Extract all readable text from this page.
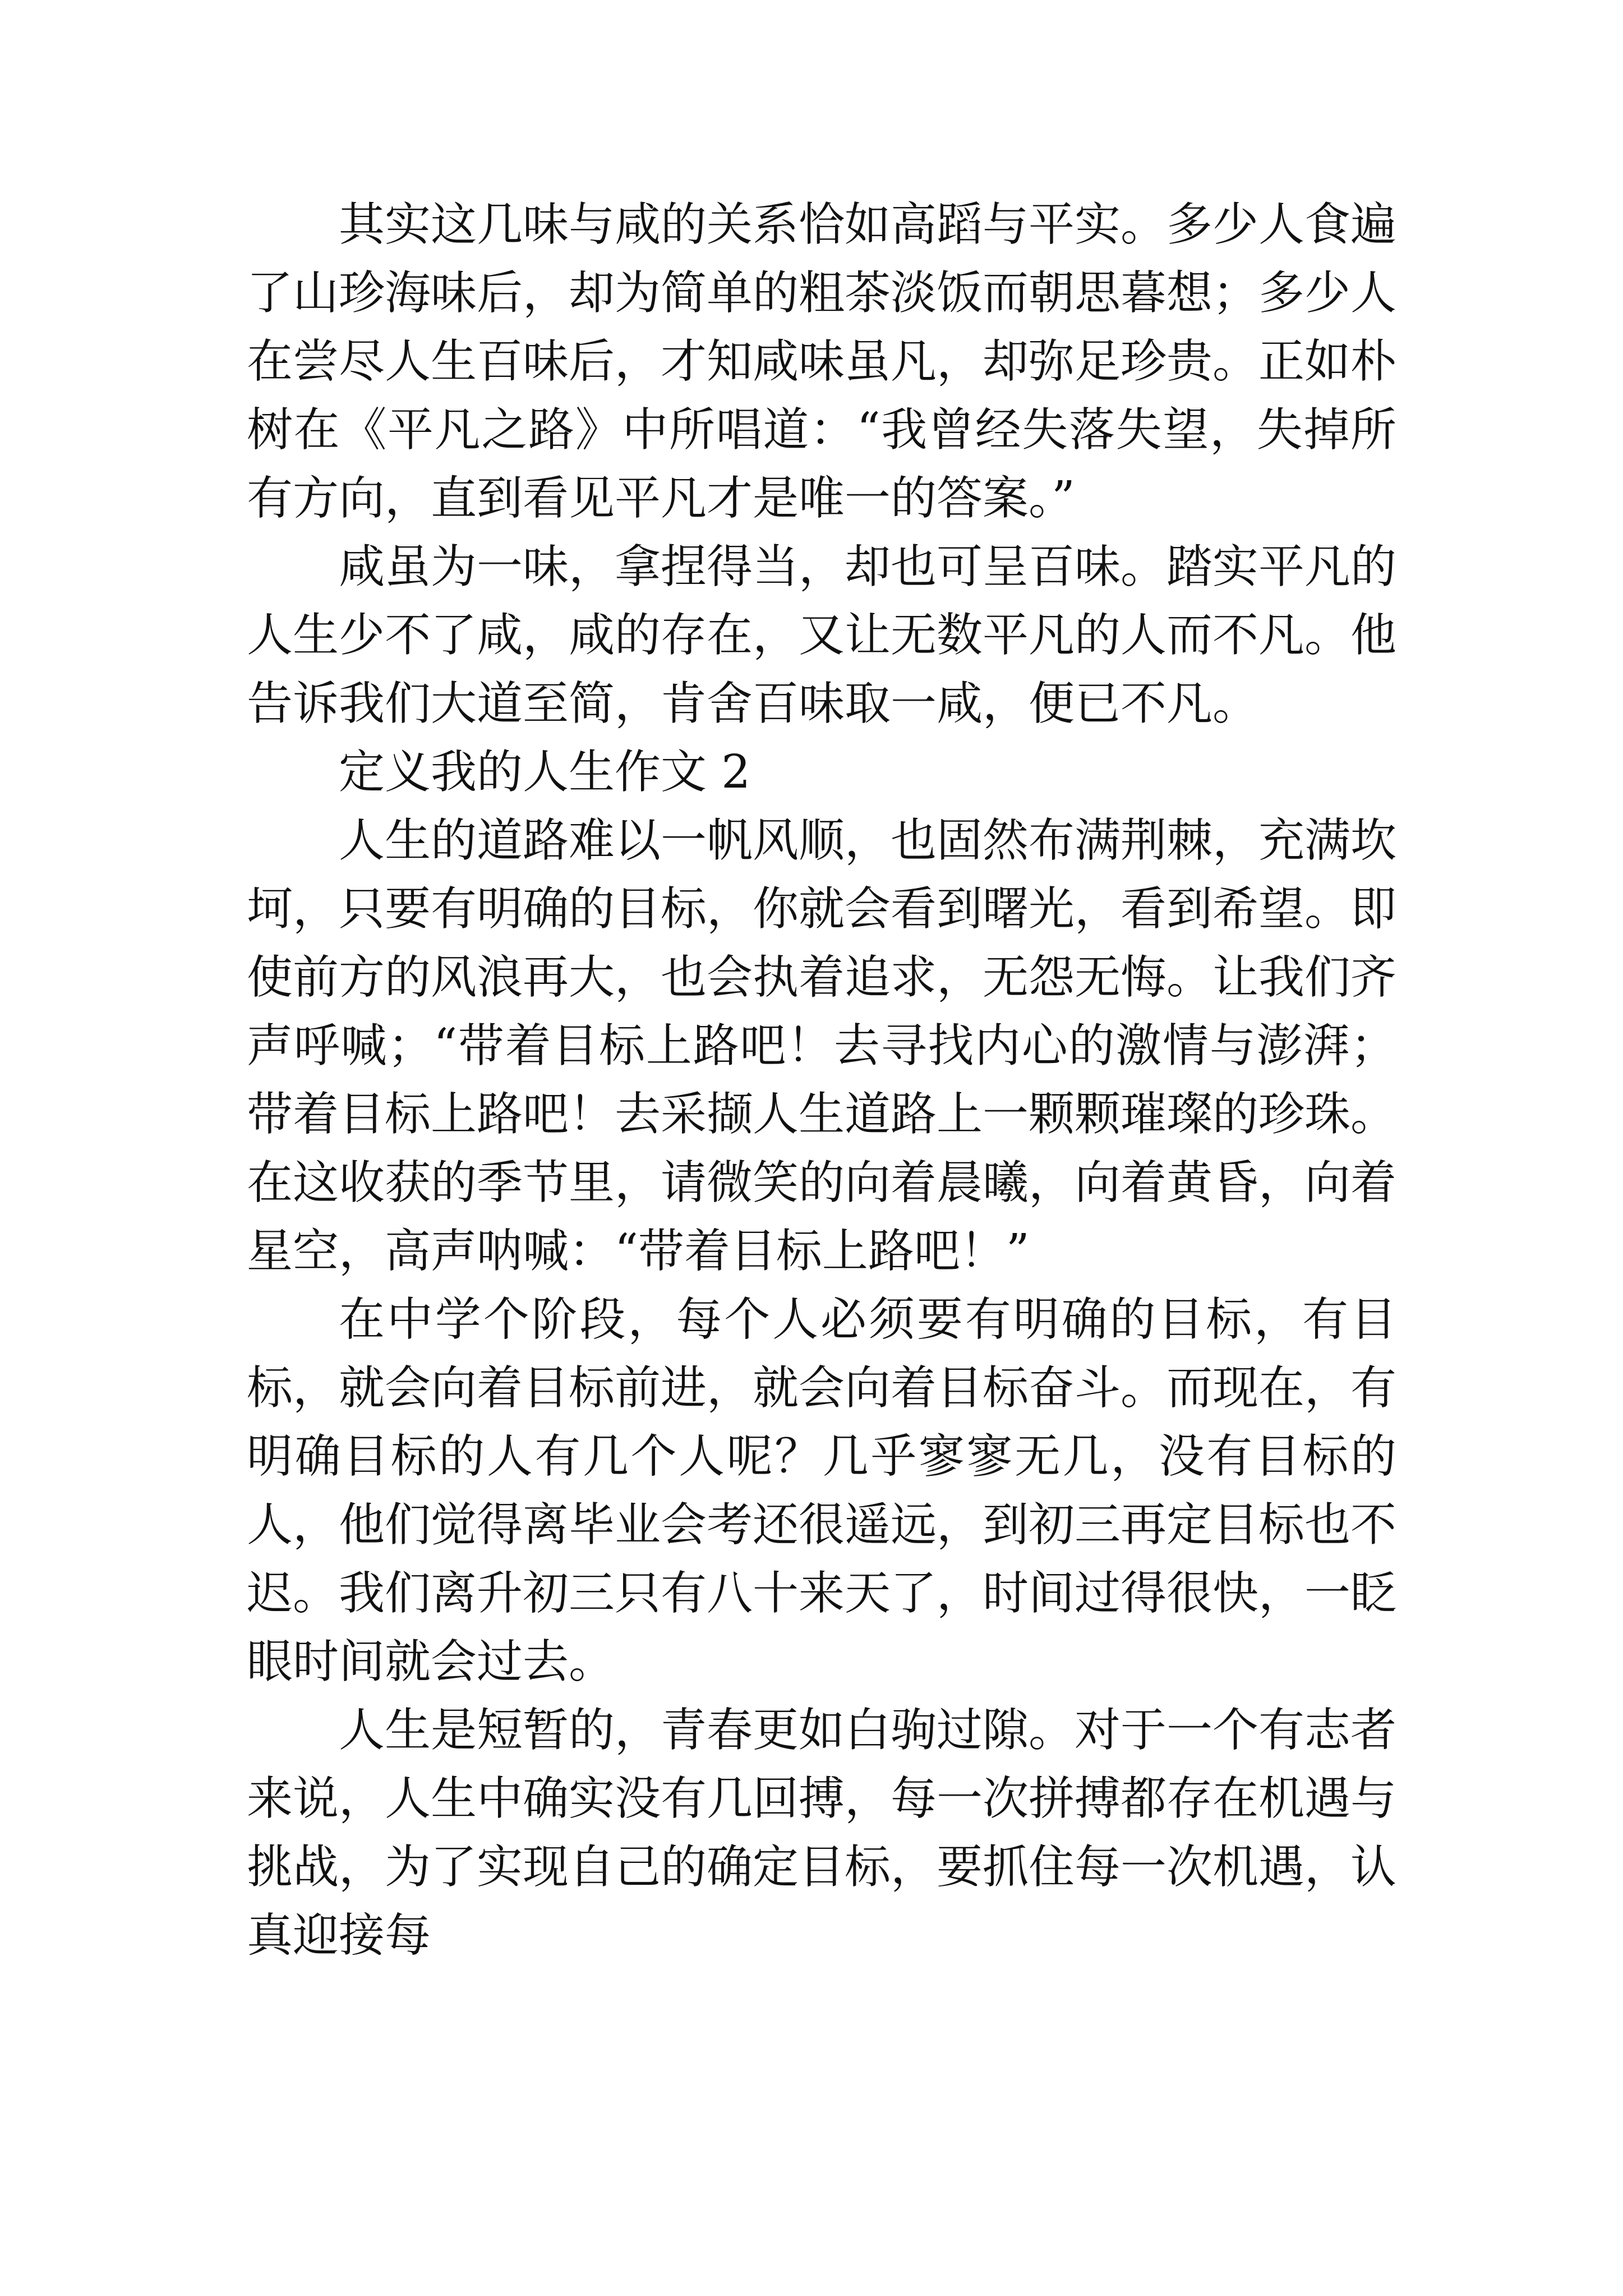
其实这几味与咸的关系恰如高蹈与平实。多少人食遍了山珍海味后，却为简单的粗茶淡饭而朝思暮想；多少人在尝尽人生百味后，才知咸味虽凡，却弥足珍贵。正如朴树在《平凡之路》中所唱道：“我曾经失落失望，失掉所有方向，直到看见平凡才是唯一的答案。”

咸虽为一味，拿捏得当，却也可呈百味。踏实平凡的人生少不了咸，咸的存在，又让无数平凡的人而不凡。他告诉我们大道至简，肯舍百味取一咸，便已不凡。

定义我的人生作文 2

人生的道路难以一帆风顺，也固然布满荆棘，充满坎坷，只要有明确的目标，你就会看到曙光，看到希望。即使前方的风浪再大，也会执着追求，无怨无悔。让我们齐声呼喊；“带着目标上路吧！去寻找内心的激情与澎湃；带着目标上路吧！去采撷人生道路上一颗颗璀璨的珍珠。在这收获的季节里，请微笑的向着晨曦，向着黄昏，向着星空，高声呐喊：“带着目标上路吧！”

在中学个阶段，每个人必须要有明确的目标，有目标，就会向着目标前进，就会向着目标奋斗。而现在，有明确目标的人有几个人呢？几乎寥寥无几，没有目标的人，他们觉得离毕业会考还很遥远，到初三再定目标也不迟。我们离升初三只有八十来天了，时间过得很快，一眨眼时间就会过去。

人生是短暂的，青春更如白驹过隙。对于一个有志者来说，人生中确实没有几回搏，每一次拼搏都存在机遇与挑战，为了实现自己的确定目标，要抓住每一次机遇，认真迎接每
